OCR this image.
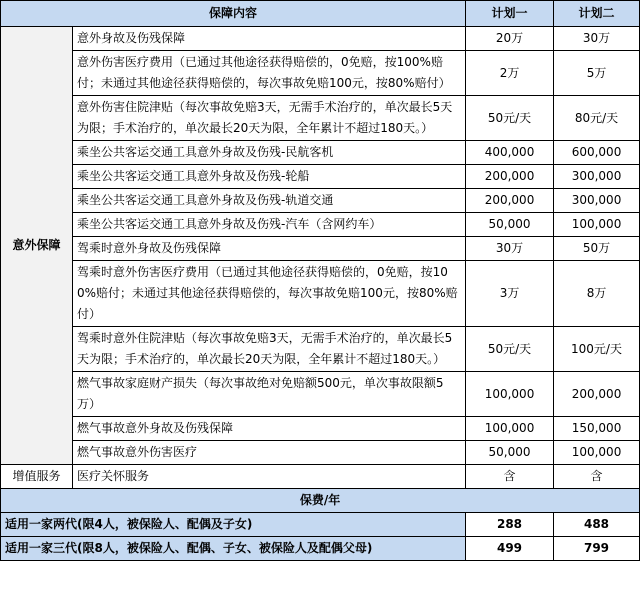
保障内容		计划一	计划二
意外保障	意外身故及伤残保障	20万	30万
	意外伤害医疗费用（已通过其他途径获得赔偿的，0免赔，按100%赔付；未通过其他途径获得赔偿的，每次事故免赔100元，按80%赔付）	2万	5万
	意外伤害住院津贴（每次事故免赔3天，无需手术治疗的，单次最长5天为限；手术治疗的，单次最长20天为限，全年累计不超过180天。）	50元/天	80元/天
	乘坐公共客运交通工具意外身故及伤残-民航客机	400,000	600,000
	乘坐公共客运交通工具意外身故及伤残-轮船	200,000	300,000
	乘坐公共客运交通工具意外身故及伤残-轨道交通	200,000	300,000
	乘坐公共客运交通工具意外身故及伤残-汽车（含网约车）	50,000	100,000
	驾乘时意外身故及伤残保障	30万	50万
	驾乘时意外伤害医疗费用（已通过其他途径获得赔偿的，0免赔，按100%赔付；未通过其他途径获得赔偿的，每次事故免赔100元，按80%赔付）	3万	8万
	驾乘时意外住院津贴（每次事故免赔3天，无需手术治疗的，单次最长5天为限；手术治疗的，单次最长20天为限，全年累计不超过180天。）	50元/天	100元/天
	燃气事故家庭财产损失（每次事故绝对免赔额500元，单次事故限额5万）	100,000	200,000
	燃气事故意外身故及伤残保障	100,000	150,000
	燃气事故意外伤害医疗	50,000	100,000
增值服务	医疗关怀服务	含	含
保费/年			
适用一家两代(限4人，被保险人、配偶及子女)		288	488
适用一家三代(限8人，被保险人、配偶、子女、被保险人及配偶父母)		499	799
